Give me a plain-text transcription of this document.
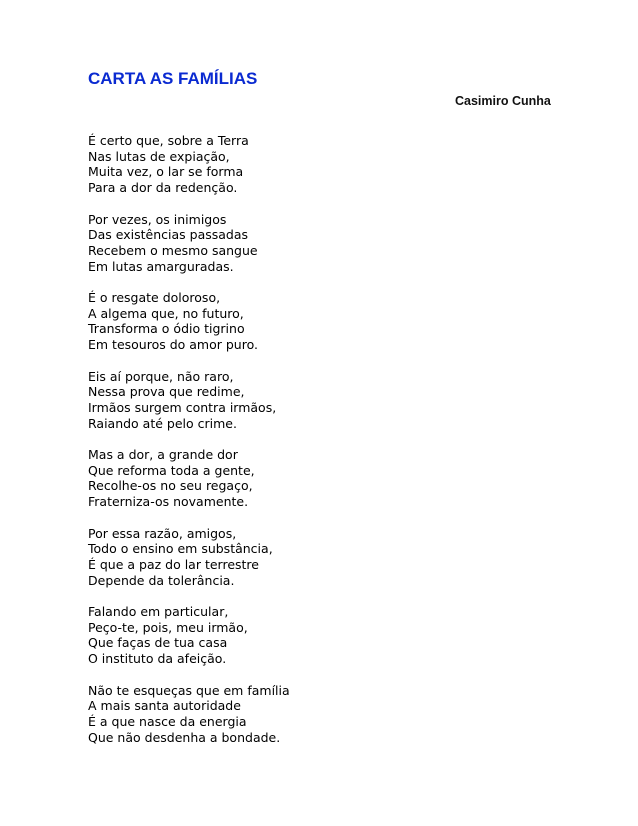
CARTA AS FAMÍLIAS

Casimiro Cunha

É certo que, sobre a Terra
Nas lutas de expiação,
Muita vez, o lar se forma
Para a dor da redenção.
Por vezes, os inimigos
Das existências passadas
Recebem o mesmo sangue
Em lutas amarguradas.
É o resgate doloroso,
A algema que, no futuro,
Transforma o ódio tigrino
Em tesouros do amor puro.
Eis aí porque, não raro,
Nessa prova que redime,
Irmãos surgem contra irmãos,
Raiando até pelo crime.
Mas a dor, a grande dor
Que reforma toda a gente,
Recolhe-os no seu regaço,
Fraterniza-os novamente.
Por essa razão, amigos,
Todo o ensino em substância,
É que a paz do lar terrestre
Depende da tolerância.
Falando em particular,
Peço-te, pois, meu irmão,
Que faças de tua casa
O instituto da afeição.
Não te esqueças que em família
A mais santa autoridade
É a que nasce da energia
Que não desdenha a bondade.
